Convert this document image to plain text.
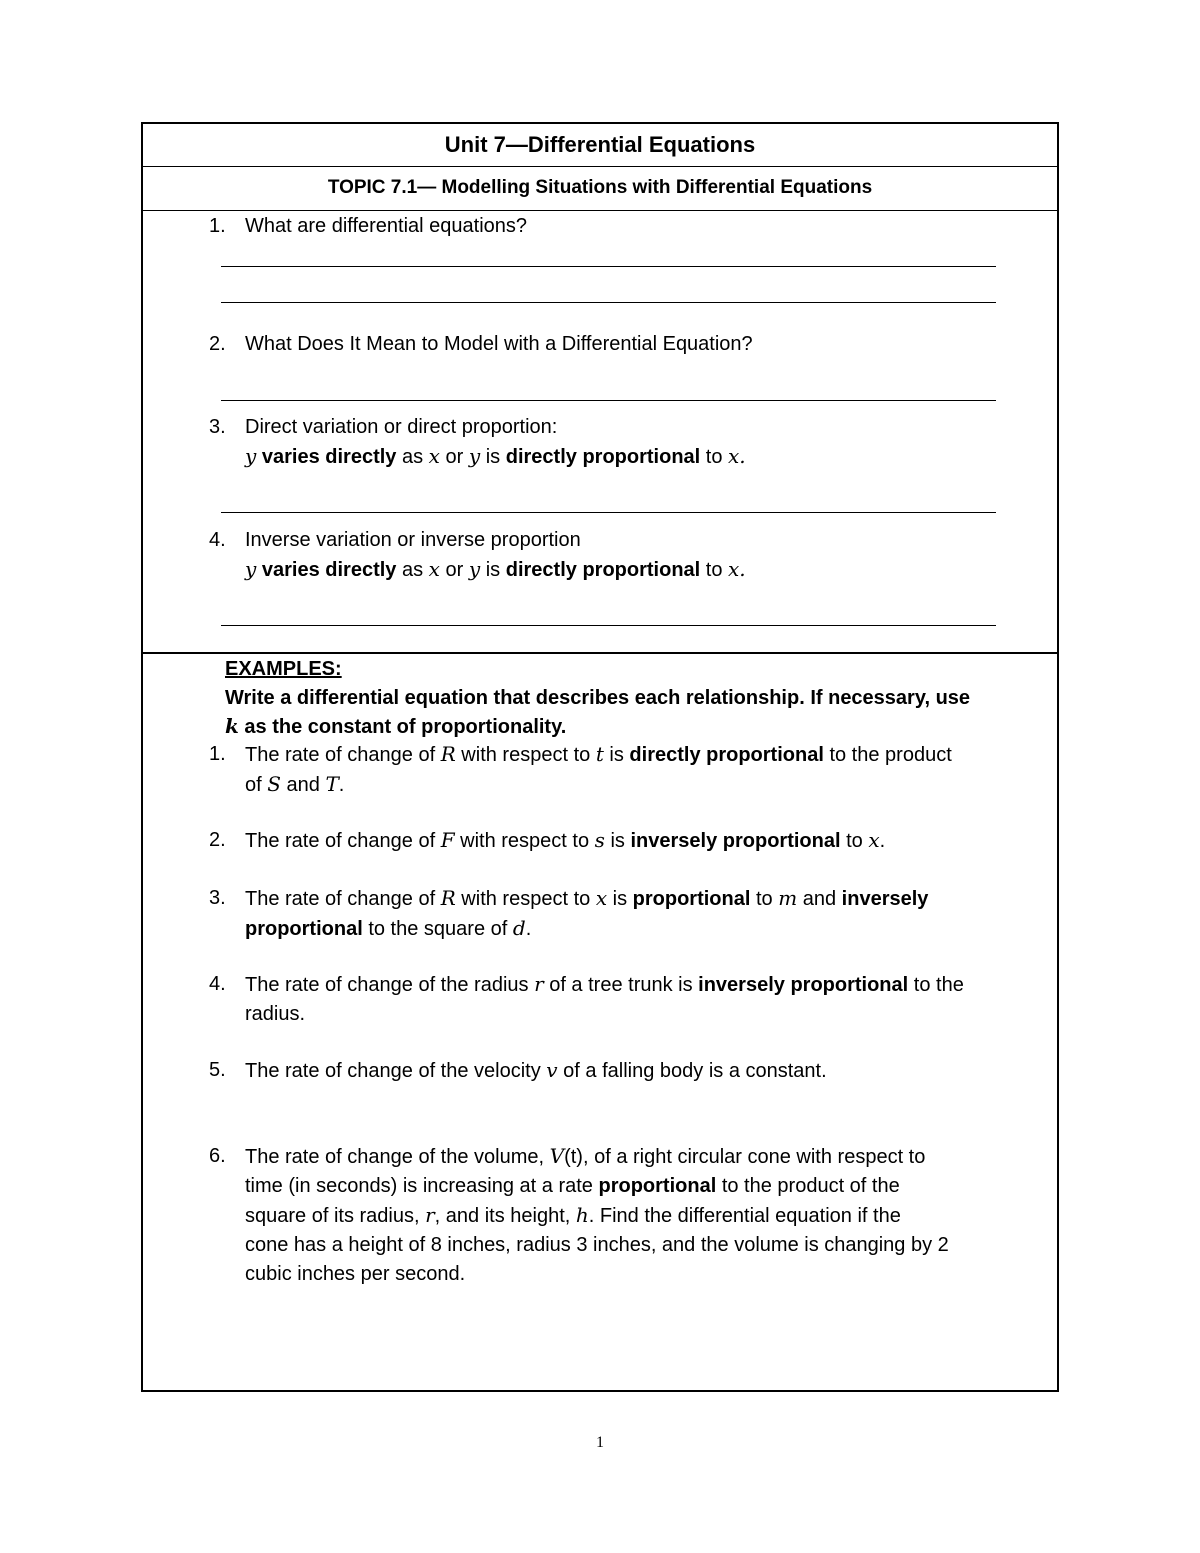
Unit 7—Differential Equations
TOPIC 7.1— Modelling Situations with Differential Equations
1. What are differential equations?
2. What Does It Mean to Model with a Differential Equation?
3. Direct variation or direct proportion:
y varies directly as x or y is directly proportional to x.
4. Inverse variation or inverse proportion
y varies directly as x or y is directly proportional to x.
EXAMPLES:
Write a differential equation that describes each relationship. If necessary, use
k as the constant of proportionality.
1. The rate of change of R with respect to t is directly proportional to the product
of S and T.
2. The rate of change of F with respect to s is inversely proportional to x.
3. The rate of change of R with respect to x is proportional to m and inversely
proportional to the square of d.
4. The rate of change of the radius r of a tree trunk is inversely proportional to the
radius.
5. The rate of change of the velocity v of a falling body is a constant.
6. The rate of change of the volume, V(t), of a right circular cone with respect to
time (in seconds) is increasing at a rate proportional to the product of the
square of its radius, r, and its height, h. Find the differential equation if the
cone has a height of 8 inches, radius 3 inches, and the volume is changing by 2
cubic inches per second.
1
